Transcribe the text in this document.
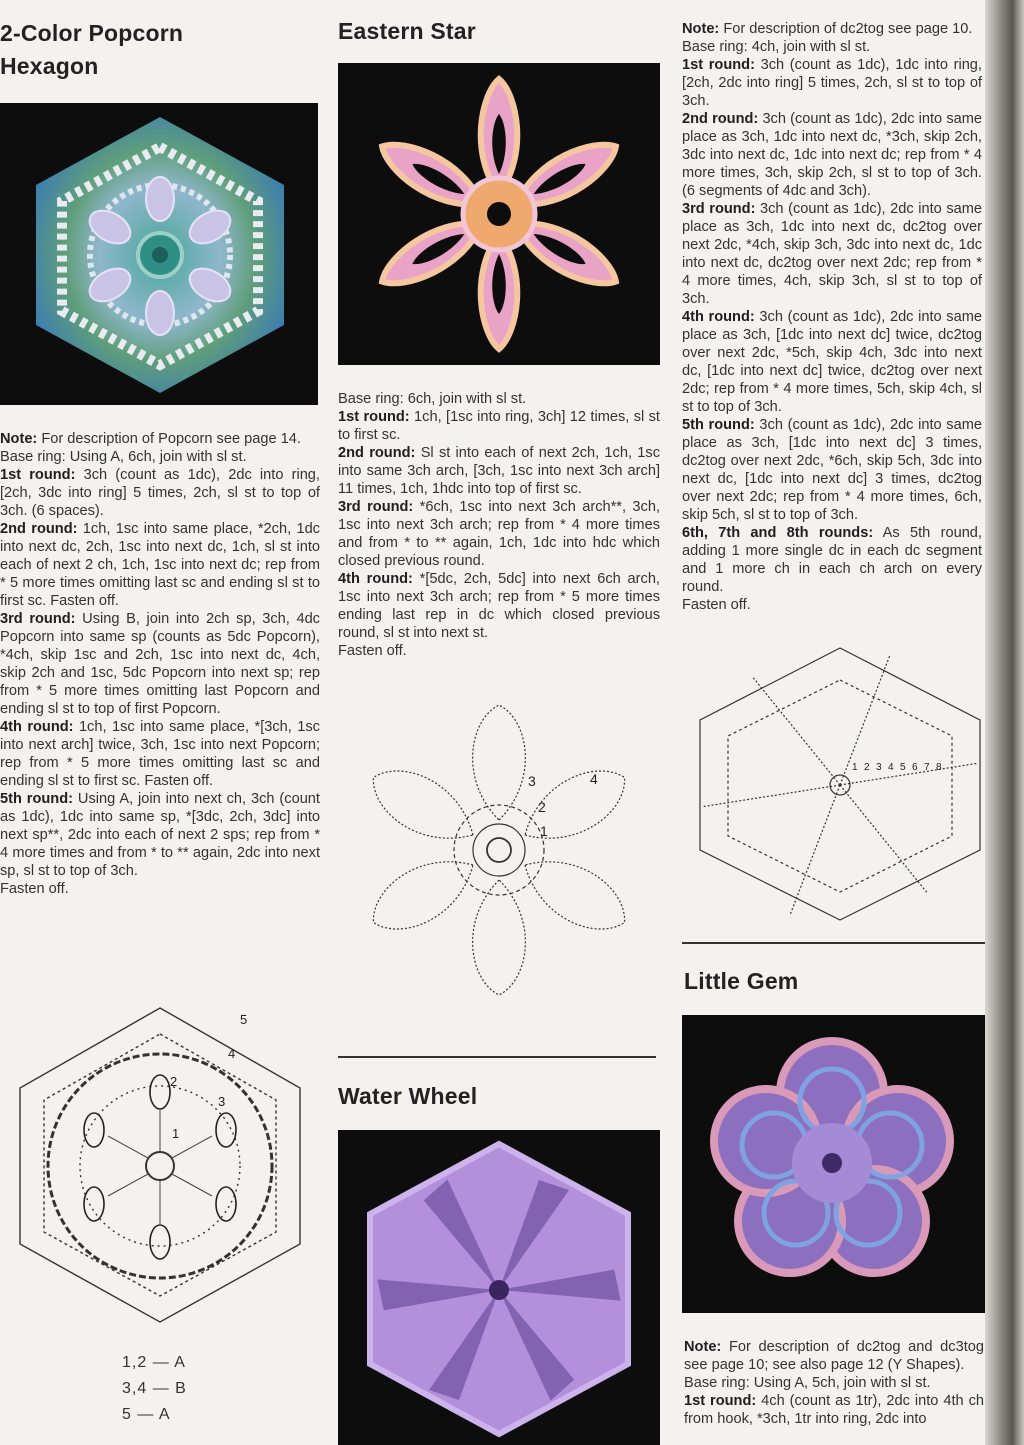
2-Color Popcorn
Hexagon

Note: For description of Popcorn see page 14.

Base ring: Using A, 6ch, join with sl st.

1st round: 3ch (count as 1dc), 2dc into ring, [2ch, 3dc into ring] 5 times, 2ch, sl st to top of 3ch. (6 spaces).

2nd round: 1ch, 1sc into same place, *2ch, 1dc into next dc, 2ch, 1sc into next dc, 1ch, sl st into each of next 2 ch, 1ch, 1sc into next dc; rep from * 5 more times omitting last sc and ending sl st to first sc. Fasten off.

3rd round: Using B, join into 2ch sp, 3ch, 4dc Popcorn into same sp (counts as 5dc Popcorn), *4ch, skip 1sc and 2ch, 1sc into next dc, 4ch, skip 2ch and 1sc, 5dc Popcorn into next sp; rep from * 5 more times omitting last Popcorn and ending sl st to top of first Popcorn.

4th round: 1ch, 1sc into same place, *[3ch, 1sc into next arch] twice, 3ch, 1sc into next Popcorn; rep from * 5 more times omitting last sc and ending sl st to first sc. Fasten off.

5th round: Using A, join into next ch, 3ch (count as 1dc), 1dc into same sp, *[3dc, 2ch, 3dc] into next sp**, 2dc into each of next 2 sps; rep from * 4 more times and from * to ** again, 2dc into next sp, sl st to top of 3ch.

Fasten off.

1
2
3
4
5
1,2 — A
3,4 — B
5 — A
Eastern Star

Base ring: 6ch, join with sl st.

1st round: 1ch, [1sc into ring, 3ch] 12 times, sl st to first sc.

2nd round: Sl st into each of next 2ch, 1ch, 1sc into same 3ch arch, [3ch, 1sc into next 3ch arch] 11 times, 1ch, 1hdc into top of first sc.

3rd round: *6ch, 1sc into next 3ch arch**, 3ch, 1sc into next 3ch arch; rep from * 4 more times and from * to ** again, 1ch, 1dc into hdc which closed previous round.

4th round: *[5dc, 2ch, 5dc] into next 6ch arch, 1sc into next 3ch arch; rep from * 5 more times ending last rep in dc which closed previous round, sl st into next st.

Fasten off.

1
2
3	4
Water Wheel

Note: For description of dc2tog see page 10.

Base ring: 4ch, join with sl st.

1st round: 3ch (count as 1dc), 1dc into ring, [2ch, 2dc into ring] 5 times, 2ch, sl st to top of 3ch.

2nd round: 3ch (count as 1dc), 2dc into same place as 3ch, 1dc into next dc, *3ch, skip 2ch, 3dc into next dc, 1dc into next dc; rep from * 4 more times, 3ch, skip 2ch, sl st to top of 3ch. (6 segments of 4dc and 3ch).

3rd round: 3ch (count as 1dc), 2dc into same place as 3ch, 1dc into next dc, dc2tog over next 2dc, *4ch, skip 3ch, 3dc into next dc, 1dc into next dc, dc2tog over next 2dc; rep from * 4 more times, 4ch, skip 3ch, sl st to top of 3ch.

4th round: 3ch (count as 1dc), 2dc into same place as 3ch, [1dc into next dc] twice, dc2tog over next 2dc, *5ch, skip 4ch, 3dc into next dc, [1dc into next dc] twice, dc2tog over next 2dc; rep from * 4 more times, 5ch, skip 4ch, sl st to top of 3ch.

5th round: 3ch (count as 1dc), 2dc into same place as 3ch, [1dc into next dc] 3 times, dc2tog over next 2dc, *6ch, skip 5ch, 3dc into next dc, [1dc into next dc] 3 times, dc2tog over next 2dc; rep from * 4 more times, 6ch, skip 5ch, sl st to top of 3ch.

6th, 7th and 8th rounds: As 5th round, adding 1 more single dc in each dc segment and 1 more ch in each ch arch on every round.

Fasten off.

1 2 3 4 5 6 7 8
Little Gem

Note: For description of dc2tog and dc3tog see page 10; see also page 12 (Y Shapes).

Base ring: Using A, 5ch, join with sl st.

1st round: 4ch (count as 1tr), 2dc into 4th ch from hook, *3ch, 1tr into ring, 2dc into
